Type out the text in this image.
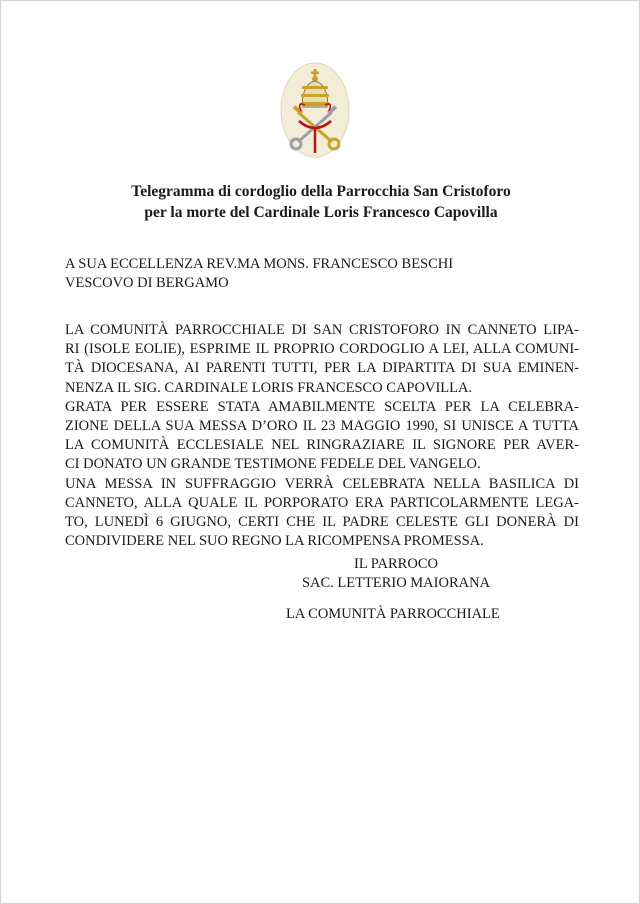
Telegramma di cordoglio della Parrocchia San Cristoforo
per la morte del Cardinale Loris Francesco Capovilla
A SUA ECCELLENZA REV.MA MONS. FRANCESCO BESCHI
VESCOVO DI BERGAMO
LA COMUNITÀ PARROCCHIALE DI SAN CRISTOFORO IN CANNETO LIPA-
RI (ISOLE EOLIE), ESPRIME IL PROPRIO CORDOGLIO A LEI, ALLA COMUNI-
TÀ DIOCESANA, AI PARENTI TUTTI, PER LA DIPARTITA DI SUA EMINEN-
NENZA IL SIG. CARDINALE LORIS FRANCESCO CAPOVILLA.
GRATA PER ESSERE STATA AMABILMENTE SCELTA PER LA CELEBRA-
ZIONE DELLA SUA MESSA D’ORO IL 23 MAGGIO 1990, SI UNISCE A TUTTA
LA COMUNITÀ ECCLESIALE NEL RINGRAZIARE IL SIGNORE PER AVER-
CI DONATO UN GRANDE TESTIMONE FEDELE DEL VANGELO.
UNA MESSA IN SUFFRAGGIO VERRÀ CELEBRATA NELLA BASILICA DI
CANNETO, ALLA QUALE IL PORPORATO ERA PARTICOLARMENTE LEGA-
TO, LUNEDÌ 6 GIUGNO, CERTI CHE IL PADRE CELESTE GLI DONERÀ DI
CONDIVIDERE NEL SUO REGNO LA RICOMPENSA PROMESSA.
IL PARROCO
SAC. LETTERIO MAIORANA
LA COMUNITÀ PARROCCHIALE
